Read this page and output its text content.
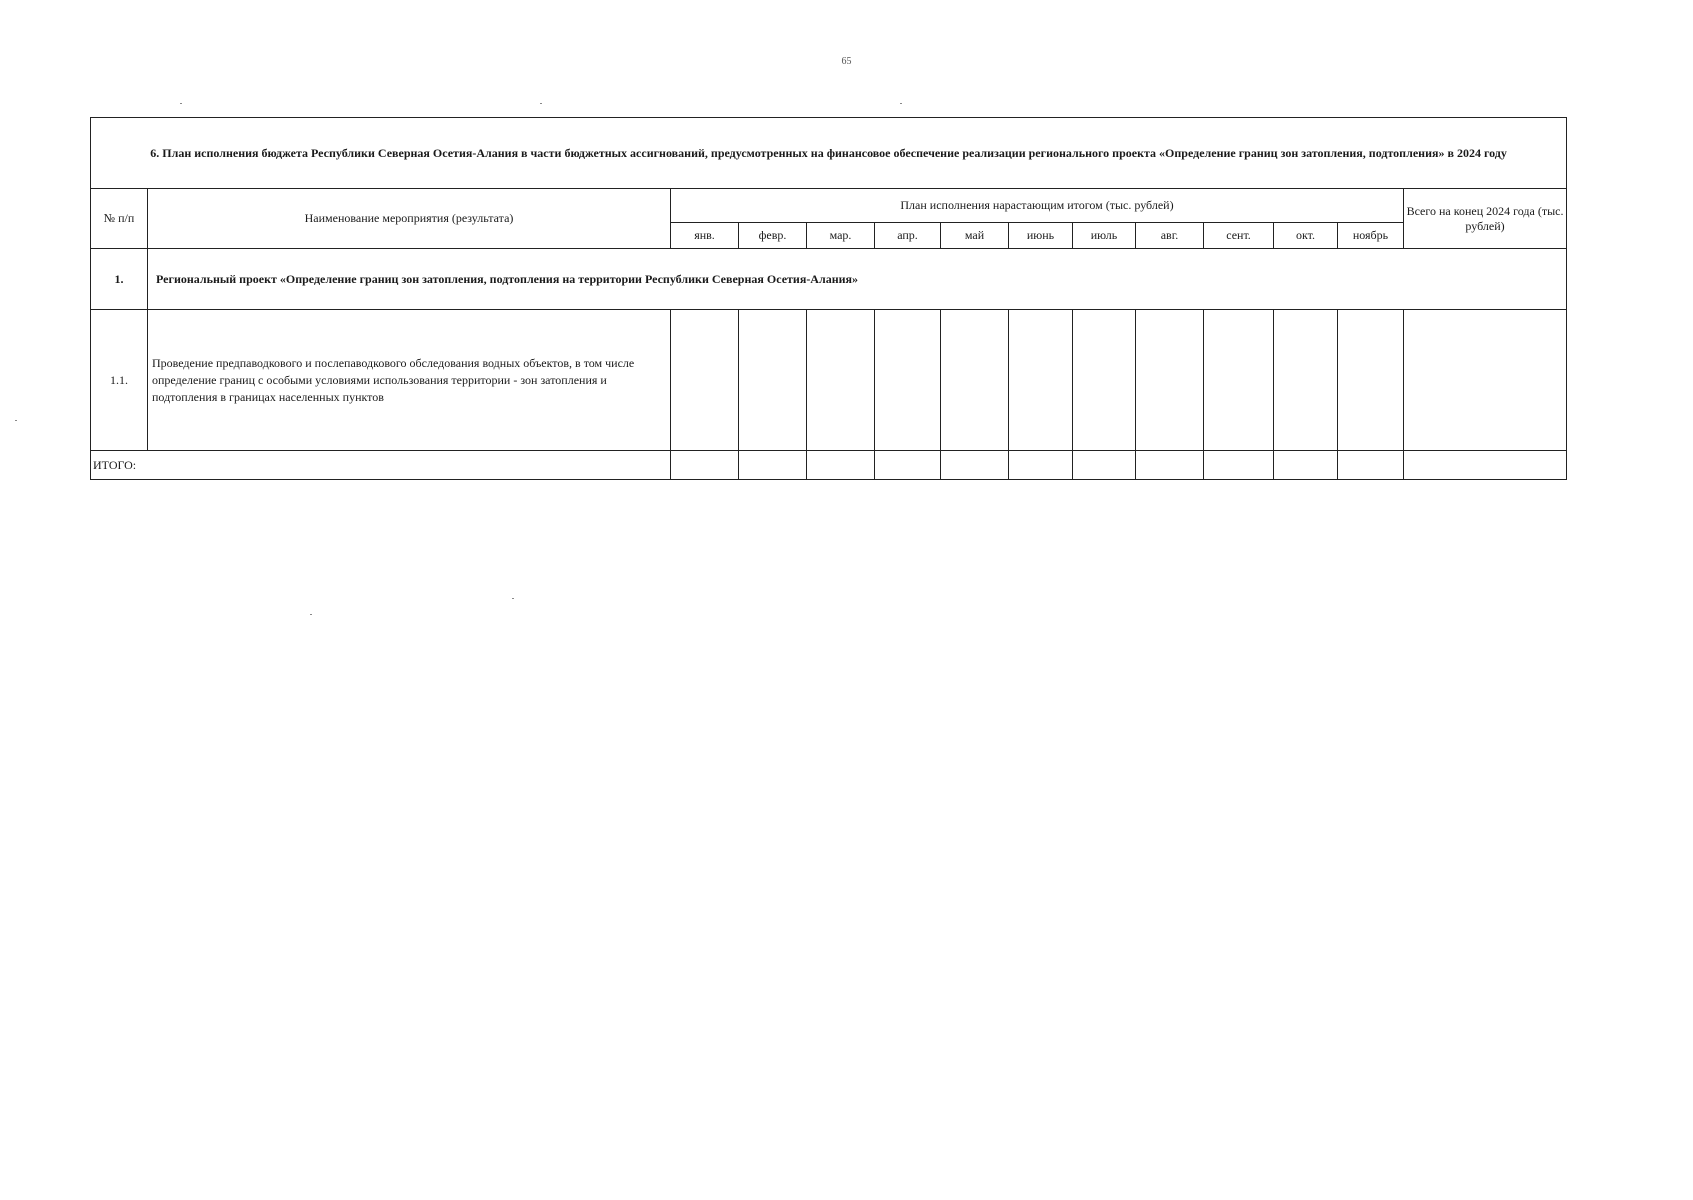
65
6. План исполнения бюджета Республики Северная Осетия-Алания в части бюджетных ассигнований, предусмотренных на финансовое обеспечение реализации регионального проекта «Определение границ зон затопления, подтопления» в 2024 году													
№ п/п	Наименование мероприятия (результата)	План исполнения нарастающим итогом (тыс. рублей)											Всего на конец 2024 года (тыс. рублей)
		янв.	февр.	мар.	апр.	май	июнь	июль	авг.	сент.	окт.	ноябрь	
1.	Региональный проект «Определение границ зон затопления, подтопления на территории Республики Северная Осетия-Алания»												
1.1.	Проведение предпаводкового и послепаводкового обследования водных объектов, в том числе определение границ с особыми условиями использования территории - зон затопления и подтопления в границах населенных пунктов												
ИТОГО:													
